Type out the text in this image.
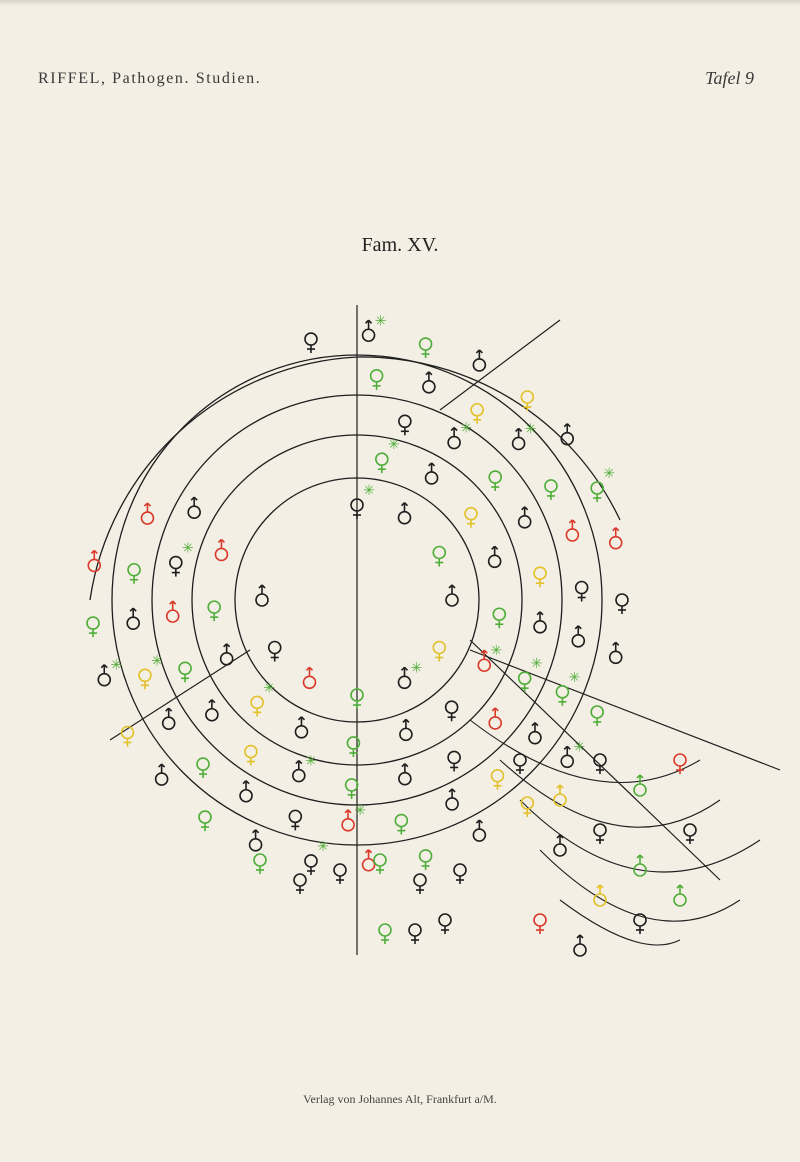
RIFFEL, Pathogen. Studien.	Tafel 9
Fam. XV.
✳
✳
✳
✳
✳
✳
✳
✳
✳
✳
✳
✳
✳
✳
✳
✳
✳
✳
Verlag von Johannes Alt, Frankfurt a/M.
